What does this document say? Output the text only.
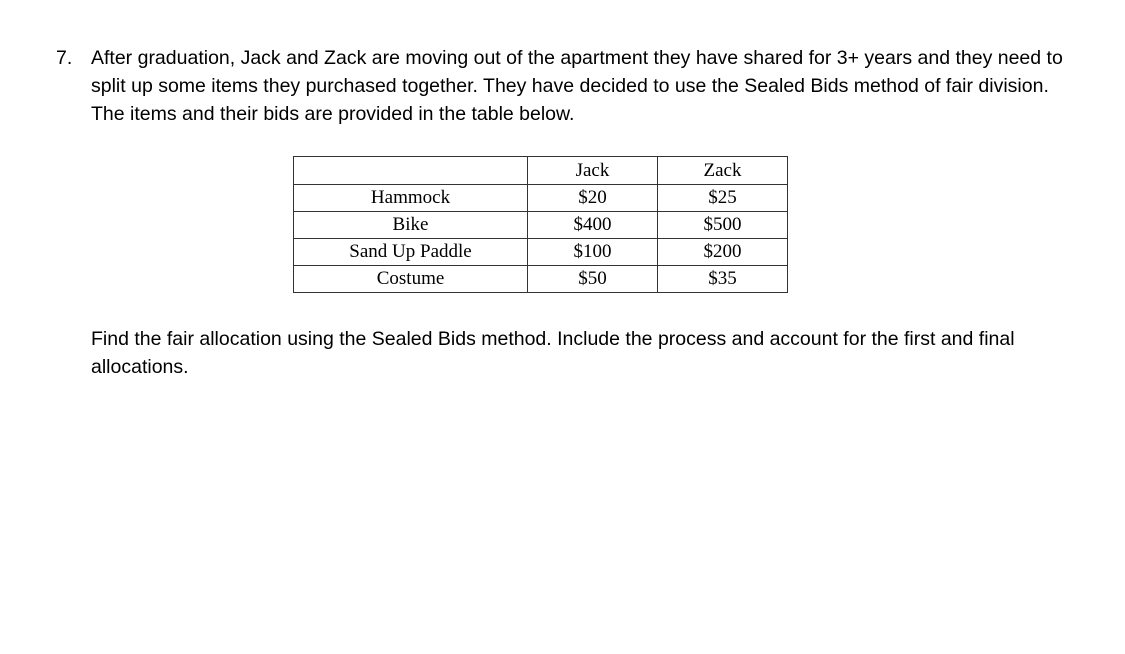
7. After graduation, Jack and Zack are moving out of the apartment they have shared for 3+ years and they need to split up some items they purchased together. They have decided to use the Sealed Bids method of fair division. The items and their bids are provided in the table below.

	Jack	Zack
Hammock	$20	$25
Bike	$400	$500
Sand Up Paddle	$100	$200
Costume	$50	$35

Find the fair allocation using the Sealed Bids method. Include the process and account for the first and final allocations.
